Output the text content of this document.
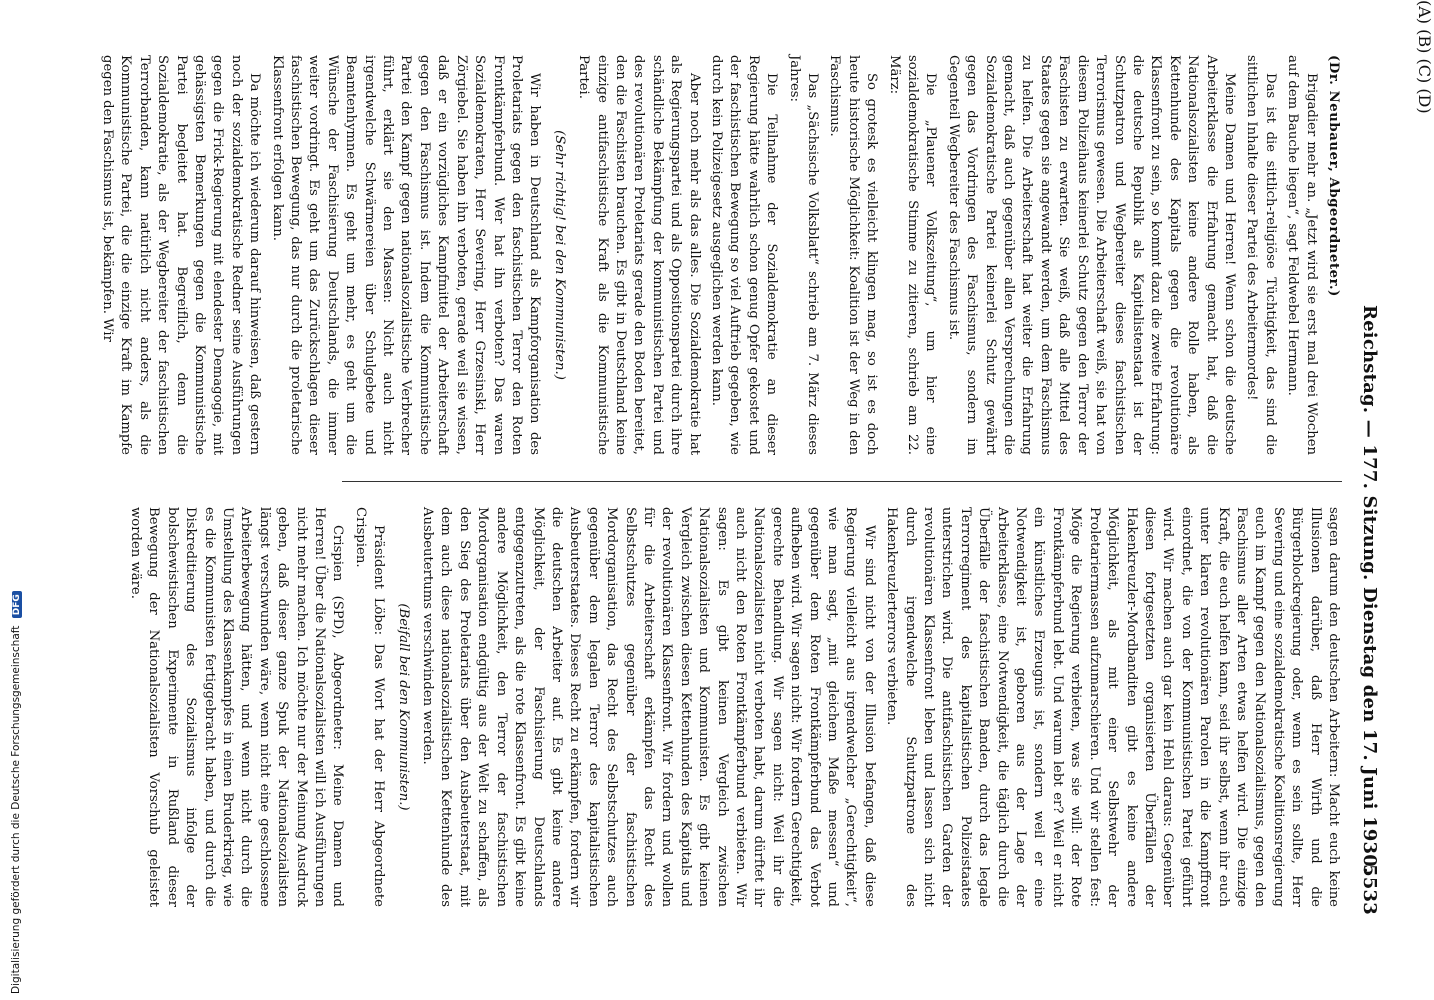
Reichstag. — 177. Sitzung. Dienstag den 17. Juni 1930.
5533
(A) (B) (C) (D)

(Dr. Neubauer, Abgeordneter.)

Brigadier mehr an. „Jetzt wird sie erst mal drei Wochen auf dem Bauche liegen“, sagt Feldwebel Hermann.

Das ist die sittlich-religiöse Tüchtigkeit, das sind die sittlichen Inhalte dieser Partei des Arbeitermordes!

Meine Damen und Herren! Wenn schon die deutsche Arbeiterklasse die Erfahrung gemacht hat, daß die Nationalsozialisten keine andere Rolle haben, als Kettenhunde des Kapitals gegen die revolutionäre Klassenfront zu sein, so kommt dazu die zweite Erfahrung: die deutsche Republik als Kapitalistenstaat ist der Schutzpatron und Wegbereiter dieses faschistischen Terrorismus gewesen. Die Arbeiterschaft weiß, sie hat von diesem Polizeihaus keinerlei Schutz gegen den Terror der Faschisten zu erwarten. Sie weiß, daß alle Mittel des Staates gegen sie angewandt werden, um dem Faschismus zu helfen. Die Arbeiterschaft hat weiter die Erfahrung gemacht, daß auch gegenüber allen Versprechungen die Sozialdemokratische Partei keinerlei Schutz gewährt gegen das Vordringen des Faschismus, sondern im Gegenteil Wegbereiter des Faschismus ist.

Die „Plauener Volkszeitung“, um hier eine sozialdemokratische Stimme zu zitieren, schrieb am 22. März:

So grotesk es vielleicht klingen mag, so ist es doch heute historische Möglichkeit: Koalition ist der Weg in den Faschismus.

Das „Sächsische Volksblatt“ schrieb am 7. März dieses Jahres:

Die Teilnahme der Sozialdemokratie an dieser Regierung hätte wahrlich schon genug Opfer gekostet und der faschistischen Bewegung so viel Auftrieb gegeben, wie durch kein Polizeigesetz ausgeglichen werden kann.

Aber noch mehr als das alles. Die Sozialdemokratie hat als Regierungspartei und als Oppositionspartei durch ihre schändliche Bekämpfung der kommunistischen Partei und des revolutionären Proletariats gerade den Boden bereitet, den die Faschisten brauchen. Es gibt in Deutschland keine einzige antifaschistische Kraft als die Kommunistische Partei.

(Sehr richtig! bei den Kommunisten.)

Wir haben in Deutschland als Kampforganisation des Proletariats gegen den faschistischen Terror den Roten Frontkämpferbund. Wer hat ihn verboten? Das waren Sozialdemokraten, Herr Severing, Herr Grzesinski, Herr Zörgiebel. Sie haben ihn verboten, gerade weil sie wissen, daß er ein vorzügliches Kampfmittel der Arbeiterschaft gegen den Faschismus ist. Indem die Kommunistische Partei den Kampf gegen nationalsozialistische Verbrecher führt, erklärt sie den Massen: Nicht auch nicht irgendwelche Schwärmereien über Schulgebete und Beamtenhymnen. Es geht um mehr, es geht um die Wünsche der Faschisierung Deutschlands, die immer weiter vordringt. Es geht um das Zurückschlagen dieser faschistischen Bewegung, das nur durch die proletarische Klassenfront erfolgen kann.

Da möchte ich wiederum darauf hinweisen, daß gestern noch der sozialdemokratische Redner seine Ausführungen gegen die Frick-Regierung mit elendester Demagogie, mit gehässigsten Bemerkungen gegen die Kommunistische Partei begleitet hat. Begreiflich, denn die Sozialdemokratie, als der Wegbereiter der faschistischen Terrorbanden, kann natürlich nicht anders, als die Kommunistische Partei, die die einzige Kraft im Kampfe gegen den Faschismus ist, bekämpfen. Wir

sagen darum den deutschen Arbeitern: Macht euch keine Illusionen darüber, daß Herr Wirth und die Bürgerblockregierung oder, wenn es sein sollte, Herr Severing und eine sozialdemokratische Koalitionsregierung euch im Kampf gegen den Nationalsozialismus, gegen den Faschismus aller Arten etwas helfen wird. Die einzige Kraft, die euch helfen kann, seid ihr selbst, wenn ihr euch unter klaren revolutionären Parolen in die Kampffront einordnet, die von der Kommunistischen Partei geführt wird. Wir machen auch gar kein Hehl daraus: Gegenüber diesen fortgesetzten organisierten Überfällen der Hakenkreuzler-Mordbanditen gibt es keine andere Möglichkeit, als mit einer Selbstwehr der Proletariermassen aufzumarschieren. Und wir stellen fest: Möge die Regierung verbieten, was sie will: der Rote Frontkämpferbund lebt. Und warum lebt er? Weil er nicht ein künstliches Erzeugnis ist, sondern weil er eine Notwendigkeit ist, geboren aus der Lage der Arbeiterklasse, eine Notwendigkeit, die täglich durch die Überfälle der faschistischen Banden, durch das legale Terrorregiment des kapitalistischen Polizeistaates unterstrichen wird. Die antifaschistischen Garden der revolutionären Klassenfront leben und lassen sich nicht durch irgendwelche Schutzpatrone des Hakenkreuzlerterrors verbieten.

Wir sind nicht von der Illusion befangen, daß diese Regierung vielleicht aus irgendwelcher „Gerechtigkeit“, wie man sagt, „mit gleichem Maße messen“ und gegenüber dem Roten Frontkämpferbund das Verbot aufheben wird. Wir sagen nicht: Wir fordern Gerechtigkeit, gerechte Behandlung. Wir sagen nicht: Weil ihr die Nationalsozialisten nicht verboten habt, darum dürftet ihr auch nicht den Roten Frontkämpferbund verbieten. Wir sagen: Es gibt keinen Vergleich zwischen Nationalsozialisten und Kommunisten. Es gibt keinen Vergleich zwischen diesen Kettenhunden des Kapitals und der revolutionären Klassenfront. Wir fordern und wollen für die Arbeiterschaft erkämpfen das Recht des Selbstschutzes gegenüber der faschistischen Mordorganisation, das Recht des Selbstschutzes auch gegenüber dem legalen Terror des kapitalistischen Ausbeuterstaates. Dieses Recht zu erkämpfen, fordern wir die deutschen Arbeiter auf. Es gibt keine andere Möglichkeit, der Faschisierung Deutschlands entgegenzutreten, als die rote Klassenfront. Es gibt keine andere Möglichkeit, den Terror der faschistischen Mordorganisation endgültig aus der Welt zu schaffen, als den Sieg des Proletariats über den Ausbeuterstaat, mit dem auch diese nationalsozialistischen Kettenhunde des Ausbeutertums verschwinden werden.

(Beifall bei den Kommunisten.)

Präsident Löbe: Das Wort hat der Herr Abgeordnete Crispien.

Crispien (SPD), Abgeordneter: Meine Damen und Herren! Über die Nationalsozialisten will ich Ausführungen nicht mehr machen. Ich möchte nur der Meinung Ausdruck geben, daß dieser ganze Spuk der Nationalsozialisten längst verschwunden wäre, wenn nicht eine geschlossene Arbeiterbewegung hätten, und wenn nicht durch die Umstellung des Klassenkampfes in einen Bruderkrieg, wie es die Kommunisten fertiggebracht haben, und durch die Diskreditierung des Sozialismus infolge der bolschewistischen Experimente in Rußland dieser Bewegung der Nationalsozialisten Vorschub geleistet worden wäre.

Digitalisierung gefördert durch die Deutsche Forschungsgemeinschaft DFG
